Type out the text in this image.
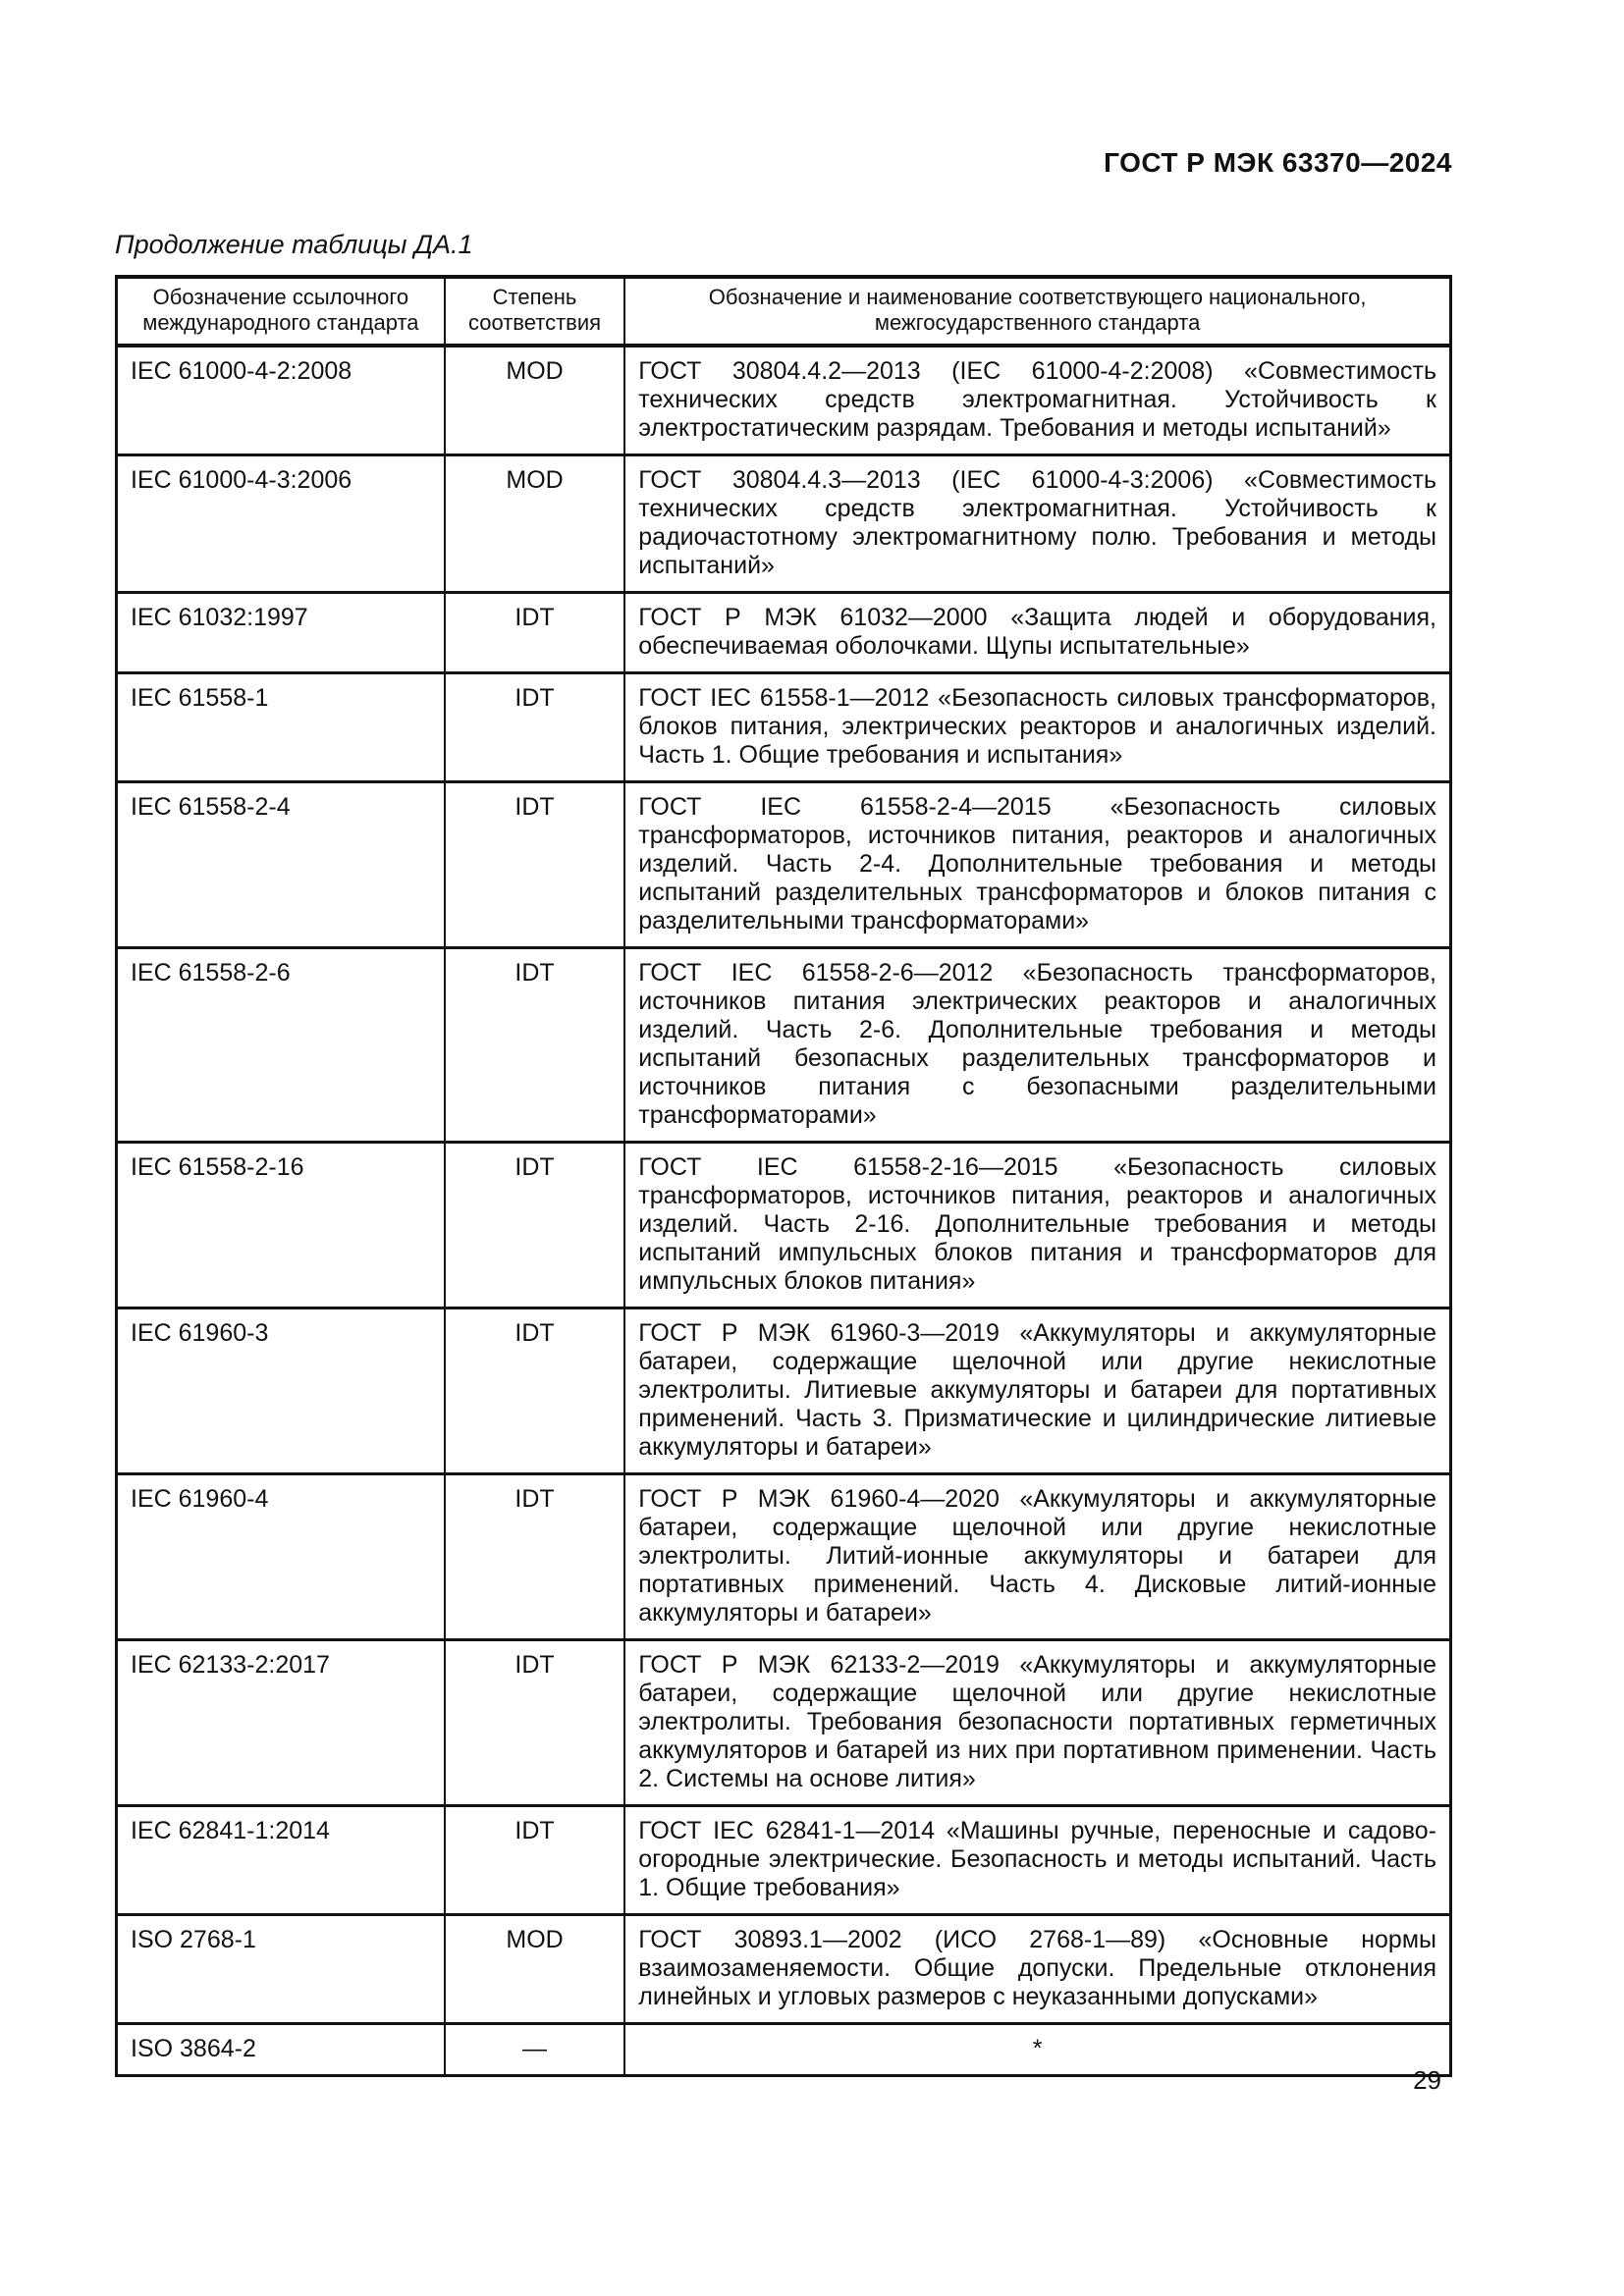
ГОСТ Р МЭК 63370—2024
Продолжение таблицы ДА.1
Обозначение ссылочного международного стандарта	Степень соответствия	Обозначение и наименование соответствующего национального, межгосударственного стандарта
IEC 61000-4-2:2008	MOD	ГОСТ 30804.4.2—2013 (IEC 61000-4-2:2008) «Совместимость технических средств электромагнитная. Устойчивость к электростатическим разрядам. Требования и методы испытаний»
IEC 61000-4-3:2006	MOD	ГОСТ 30804.4.3—2013 (IEC 61000-4-3:2006) «Совместимость технических средств электромагнитная. Устойчивость к радиочастотному электромагнитному полю. Требования и методы испытаний»
IEC 61032:1997	IDT	ГОСТ Р МЭК 61032—2000 «Защита людей и оборудования, обеспечиваемая оболочками. Щупы испытательные»
IEC 61558-1	IDT	ГОСТ IEC 61558-1—2012 «Безопасность силовых трансформаторов, блоков питания, электрических реакторов и аналогичных изделий. Часть 1. Общие требования и испытания»
IEC 61558-2-4	IDT	ГОСТ IEC 61558-2-4—2015 «Безопасность силовых трансформаторов, источников питания, реакторов и аналогичных изделий. Часть 2-4. Дополнительные требования и методы испытаний разделительных трансформаторов и блоков питания с разделительными трансформаторами»
IEC 61558-2-6	IDT	ГОСТ IEC 61558-2-6—2012 «Безопасность трансформаторов, источников питания электрических реакторов и аналогичных изделий. Часть 2-6. Дополнительные требования и методы испытаний безопасных разделительных трансформаторов и источников питания с безопасными разделительными трансформаторами»
IEC 61558-2-16	IDT	ГОСТ IEC 61558-2-16—2015 «Безопасность силовых трансформаторов, источников питания, реакторов и аналогичных изделий. Часть 2-16. Дополнительные требования и методы испытаний импульсных блоков питания и трансформаторов для импульсных блоков питания»
IEC 61960-3	IDT	ГОСТ Р МЭК 61960-3—2019 «Аккумуляторы и аккумуляторные батареи, содержащие щелочной или другие некислотные электролиты. Литиевые аккумуляторы и батареи для портативных применений. Часть 3. Призматические и цилиндрические литиевые аккумуляторы и батареи»
IEC 61960-4	IDT	ГОСТ Р МЭК 61960-4—2020 «Аккумуляторы и аккумуляторные батареи, содержащие щелочной или другие некислотные электролиты. Литий-ионные аккумуляторы и батареи для портативных применений. Часть 4. Дисковые литий-ионные аккумуляторы и батареи»
IEC 62133-2:2017	IDT	ГОСТ Р МЭК 62133-2—2019 «Аккумуляторы и аккумуляторные батареи, содержащие щелочной или другие некислотные электролиты. Требования безопасности портативных герметичных аккумуляторов и батарей из них при портативном применении. Часть 2. Системы на основе лития»
IEC 62841-1:2014	IDT	ГОСТ IEC 62841-1—2014 «Машины ручные, переносные и садово-огородные электрические. Безопасность и методы испытаний. Часть 1. Общие требования»
ISO 2768-1	MOD	ГОСТ 30893.1—2002 (ИСО 2768-1—89) «Основные нормы взаимозаменяемости. Общие допуски. Предельные отклонения линейных и угловых размеров с неуказанными допусками»
ISO 3864-2	—	*
29
